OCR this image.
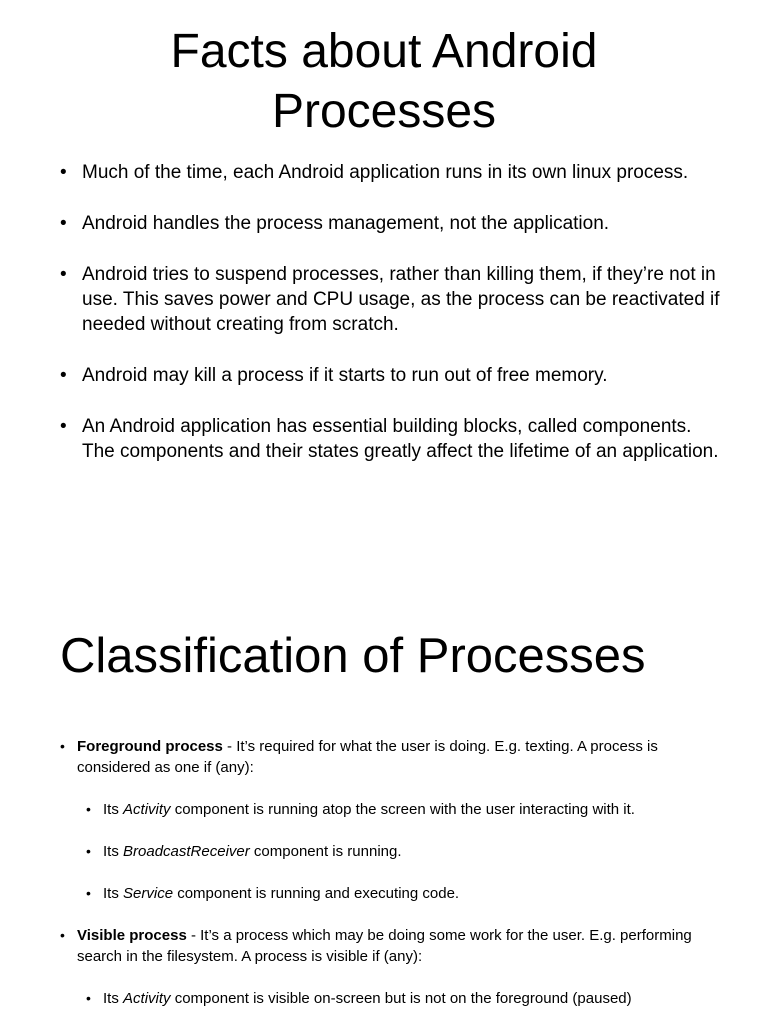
Facts about Android Processes
• Much of the time, each Android application runs in its own linux process.
• Android handles the process management, not the application.
• Android tries to suspend processes, rather than killing them, if they’re not in use. This saves power and CPU usage, as the process can be reactivated if needed without creating from scratch.
• Android may kill a process if it starts to run out of free memory.
• An Android application has essential building blocks, called components. The components and their states greatly affect the lifetime of an application.
Classification of Processes
• Foreground process - It’s required for what the user is doing. E.g. texting. A process is considered as one if (any):
• Its Activity component is running atop the screen with the user interacting with it.
• Its BroadcastReceiver component is running.
• Its Service component is running and executing code.
• Visible process - It’s a process which may be doing some work for the user. E.g. performing search in the filesystem. A process is visible if (any):
• Its Activity component is visible on-screen but is not on the foreground (paused)
